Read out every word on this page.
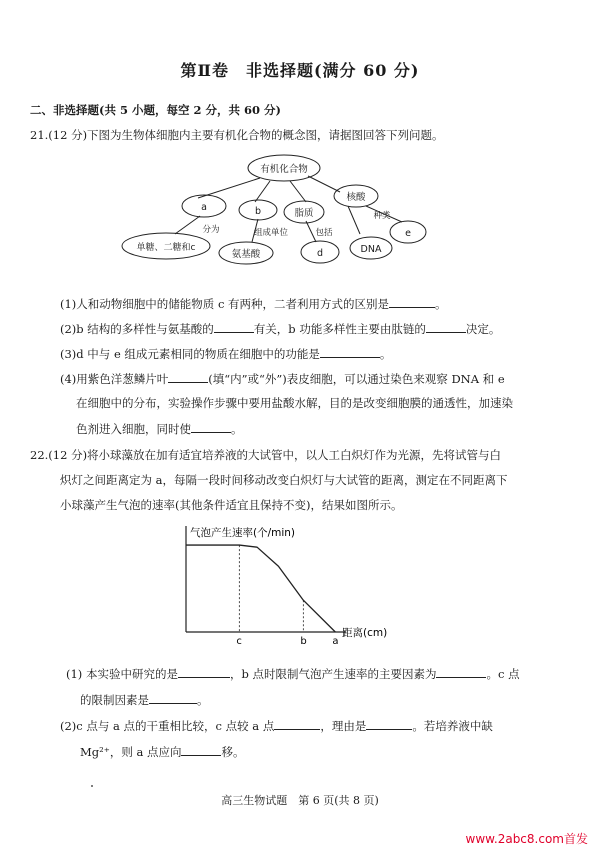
第Ⅱ卷　非选择题(满分 60 分)
二、非选择题(共 5 小题，每空 2 分，共 60 分)
21.(12 分)下图为生物体细胞内主要有机化合物的概念图，请据图回答下列问题。
有机化合物
a	b	脂质
核酸
单糖、二糖和c
氨基酸	d	DNA
e
分为	组成单位	包括
种类
(1)人和动物细胞中的储能物质 c 有两种，二者利用方式的区别是	。
(2)b 结构的多样性与氨基酸的	有关，b 功能多样性主要由肽链的	决定。
(3)d 中与 e 组成元素相同的物质在细胞中的功能是	。
(4)用紫色洋葱鳞片叶	(填“内”或“外”)表皮细胞，可以通过染色来观察 DNA 和 e
在细胞中的分布，实验操作步骤中要用盐酸水解，目的是改变细胞膜的通透性，加速染
色剂进入细胞，同时使	。
22.(12 分)将小球藻放在加有适宜培养液的大试管中，以人工白炽灯作为光源，先将试管与白
炽灯之间距离定为 a，每隔一段时间移动改变白炽灯与大试管的距离，测定在不同距离下
小球藻产生气泡的速率(其他条件适宜且保持不变)，结果如图所示。
气泡产生速率(个/min)
距离(cm)
c	b	a
(1) 本实验中研究的是	，b 点时限制气泡产生速率的主要因素为	。c 点
的限制因素是	。
(2)c 点与 a 点的干重相比较，c 点较 a 点	，理由是	。若培养液中缺
Mg²⁺，则 a 点应向	移。
高三生物试题　第 6 页(共 8 页)
www.2abc8.com首发
